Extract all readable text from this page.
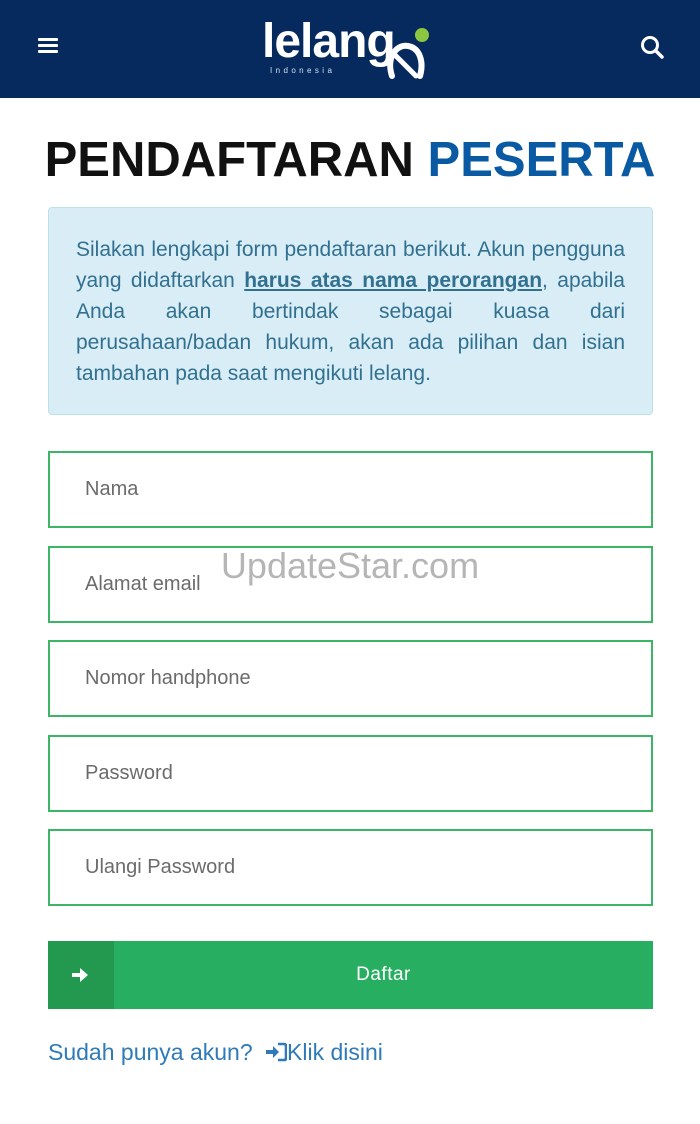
lelang
Indonesia
PENDAFTARAN PESERTA

Silakan lengkapi form pendaftaran berikut. Akun pengguna yang didaftarkan harus atas nama perorangan, apabila Anda akan bertindak sebagai kuasa dari perusahaan/badan hukum, akan ada pilihan dan isian tambahan pada saat mengikuti lelang.

Nama
Alamat email
Nomor handphone
UpdateStar.com
Daftar
Sudah punya akun? Klik disini
